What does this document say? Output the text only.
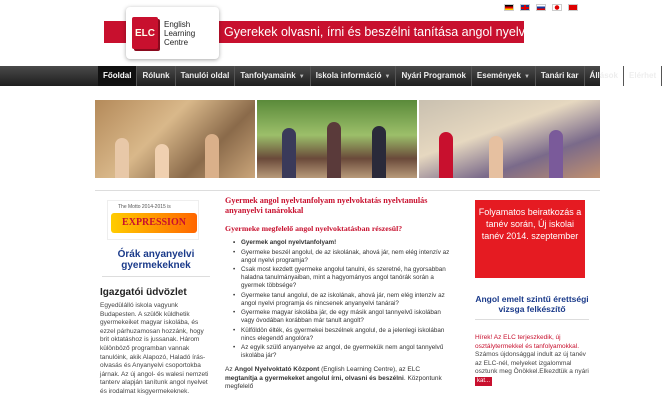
ELC
English
Learning
Centre
Gyerekek olvasni, írni és beszélni tanítása angol nyelven.
Főoldal	Rólunk	Tanulói oldal	Tanfolyamaink ▼	Iskola információ ▼	Nyári Programok	Események ▼	Tanári kar	Állások	Elérhet
The Motto 2014-2015 is
EXPRESSION
Órák anyanyelvi gyermekeknek
Igazgatói üdvözlet
Egyedülálló iskola vagyunk Budapesten. A szülők küldhetik gyermekeiket magyar iskolába, és ezzel párhuzamosan hozzánk, hogy brit oktatáshoz is jussanak. Három különböző programban vannak tanulóink, akik Alapozó, Haladó írás-olvasás és Anyanyelvi csoportokba járnak. Az új angol- és walesi nemzeti tanterv alapján tanítunk angol nyelvet és irodalmat kisgyermekeknek.
Gyermek angol nyelvtanfolyam nyelvoktatás nyelvtanulás anyanyelvi tanárokkal
Gyermeke megfelelő angol nyelvoktatásban részesül?
• Gyermek angol nyelvtanfolyam!
• Gyermeke beszél angolul, de az iskolának, ahová jár, nem elég intenzív az angol nyelvi programja?
• Csak most kezdett gyermeke angolul tanulni, és szeretné, ha gyorsabban haladna tanulmányaiban, mint a hagyományos angol tanórák során a gyermek többsége?
• Gyermeke tanul angolul, de az iskolának, ahová jár, nem elég intenzív az angol nyelvi programja és nincsenek anyanyelvi tanárai?
• Gyermeke magyar iskolába jár, de egy másik angol tannyelvű iskolában vagy óvodában korábban már tanult angolt?
• Külföldön élték, és gyermekei beszélnek angolul, de a jelenlegi iskolában nincs elegendő angolóra?
• Az egyik szülő anyanyelve az angol, de gyermekük nem angol tannyelvű iskolába jár?

Az Angol Nyelvoktató Központ (English Learning Centre), az ELC megtanítja a gyermekeket angolul írni, olvasni és beszélni. Központunk megfelelő

Folyamatos beiratkozás a tanév során, Új iskolai tanév 2014. szeptember
Angol emelt szintű érettségi vizsga felkészítő
Hírek! Az ELC terjeszkedik, új osztálytermekkel és tanfolyamokkal. Számos újdonsággal indult az új tanév az ELC-nél, melyeket izgalommal osztunk meg Önökkel.Elkezdtük a nyári kat...
